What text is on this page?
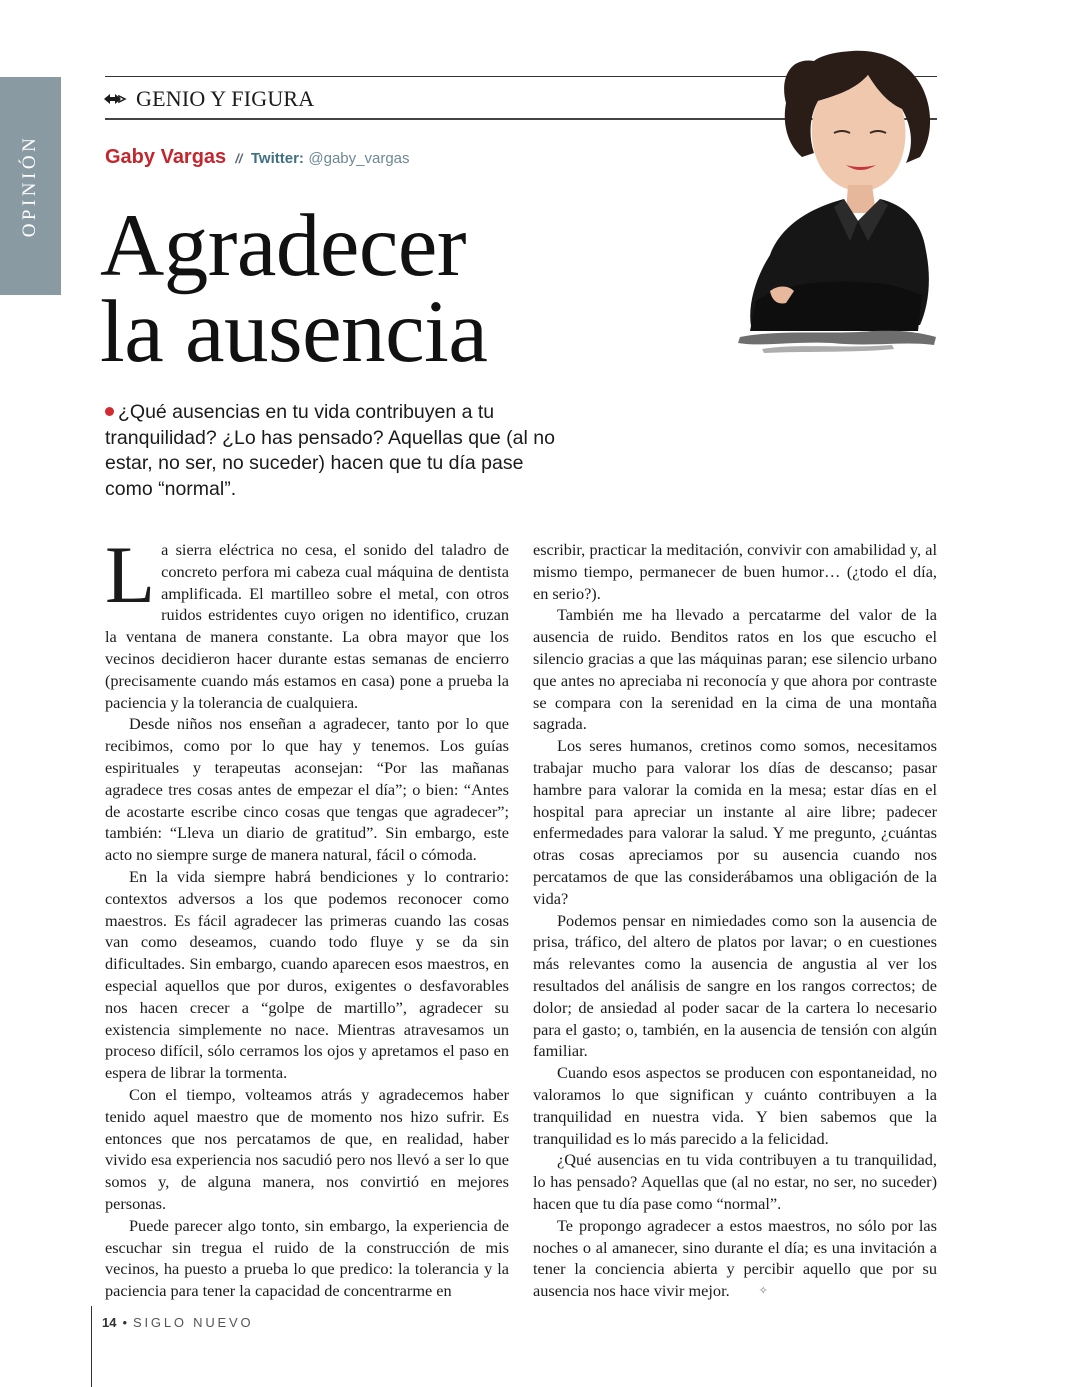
OPINIÓN
GENIO Y FIGURA
Gaby Vargas // Twitter: @gaby_vargas
Agradecer
la ausencia
¿Qué ausencias en tu vida contribuyen a tu tranquilidad? ¿Lo has pensado? Aquellas que (al no estar, no ser, no suceder) hacen que tu día pase como “normal”.

La sierra eléctrica no cesa, el sonido del taladro de concreto perfora mi cabeza cual máquina de dentista amplificada. El martilleo sobre el metal, con otros ruidos estridentes cuyo origen no identifico, cruzan la ventana de manera constante. La obra mayor que los vecinos decidieron hacer durante estas semanas de encierro (precisamente cuando más estamos en casa) pone a prueba la paciencia y la tolerancia de cualquiera.

Desde niños nos enseñan a agradecer, tanto por lo que recibimos, como por lo que hay y tenemos. Los guías espirituales y terapeutas aconsejan: “Por las mañanas agradece tres cosas antes de empezar el día”; o bien: “Antes de acostarte escribe cinco cosas que tengas que agradecer”; también: “Lleva un diario de gratitud”. Sin embargo, este acto no siempre surge de manera natural, fácil o cómoda.

En la vida siempre habrá bendiciones y lo contrario: contextos adversos a los que podemos reconocer como maestros. Es fácil agradecer las primeras cuando las cosas van como deseamos, cuando todo fluye y se da sin dificultades. Sin embargo, cuando aparecen esos maestros, en especial aquellos que por duros, exigentes o desfavorables nos hacen crecer a “golpe de martillo”, agradecer su existencia simplemente no nace. Mientras atravesamos un proceso difícil, sólo cerramos los ojos y apretamos el paso en espera de librar la tormenta.

Con el tiempo, volteamos atrás y agradecemos haber tenido aquel maestro que de momento nos hizo sufrir. Es entonces que nos percatamos de que, en realidad, haber vivido esa experiencia nos sacudió pero nos llevó a ser lo que somos y, de alguna manera, nos convirtió en mejores personas.

Puede parecer algo tonto, sin embargo, la experiencia de escuchar sin tregua el ruido de la construcción de mis vecinos, ha puesto a prueba lo que predico: la tolerancia y la paciencia para tener la capacidad de concentrarme en

escribir, practicar la meditación, convivir con amabilidad y, al mismo tiempo, permanecer de buen humor… (¿todo el día, en serio?).

También me ha llevado a percatarme del valor de la ausencia de ruido. Benditos ratos en los que escucho el silencio gracias a que las máquinas paran; ese silencio urbano que antes no apreciaba ni reconocía y que ahora por contraste se compara con la serenidad en la cima de una montaña sagrada.

Los seres humanos, cretinos como somos, necesitamos trabajar mucho para valorar los días de descanso; pasar hambre para valorar la comida en la mesa; estar días en el hospital para apreciar un instante al aire libre; padecer enfermedades para valorar la salud. Y me pregunto, ¿cuántas otras cosas apreciamos por su ausencia cuando nos percatamos de que las considerábamos una obligación de la vida?

Podemos pensar en nimiedades como son la ausencia de prisa, tráfico, del altero de platos por lavar; o en cuestiones más relevantes como la ausencia de angustia al ver los resultados del análisis de sangre en los rangos correctos; de dolor; de ansiedad al poder sacar de la cartera lo necesario para el gasto; o, también, en la ausencia de tensión con algún familiar.

Cuando esos aspectos se producen con espontaneidad, no valoramos lo que significan y cuánto contribuyen a la tranquilidad en nuestra vida. Y bien sabemos que la tranquilidad es lo más parecido a la felicidad.

¿Qué ausencias en tu vida contribuyen a tu tranquilidad, lo has pensado? Aquellas que (al no estar, no ser, no suceder) hacen que tu día pase como “normal”.

Te propongo agradecer a estos maestros, no sólo por las noches o al amanecer, sino durante el día; es una invitación a tener la conciencia abierta y percibir aquello que por su ausencia nos hace vivir mejor.	✧

14 • SIGLO NUEVO
